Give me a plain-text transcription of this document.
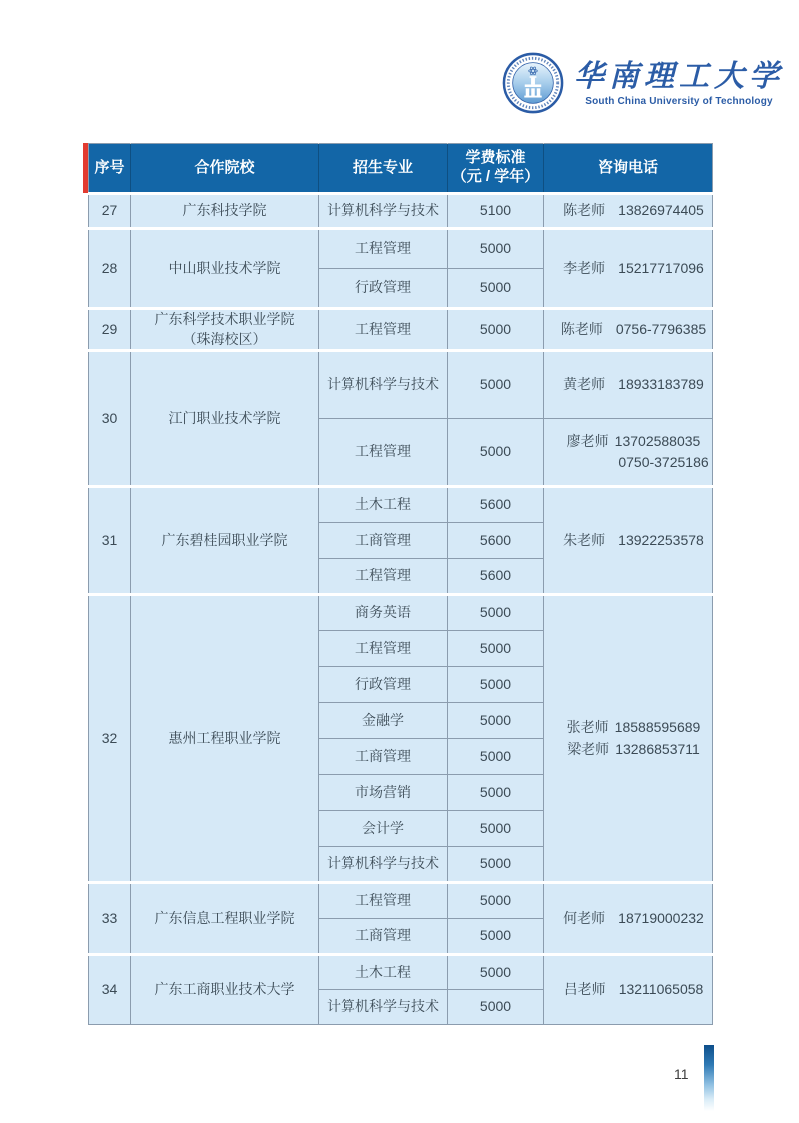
华南理工大学
South China University of Technology
序号	合作院校	招生专业	学费标准
（元 / 学年）	咨询电话
27	广东科技学院	计算机科学与技术	5100	陈老师 13826974405

28	中山职业技术学院	工程管理	5000	李老师 15217717096

		行政管理	5000	
29	广东科学技术职业学院
（珠海校区）	工程管理	5000	陈老师 0756-7796385

30	江门职业技术学院	计算机科学与技术	5000	黄老师 18933183789

		工程管理	5000	廖老师 13702588035
0750-3725186

31	广东碧桂园职业学院	土木工程	5600	朱老师 13922253578

		工商管理	5600	
		工程管理	5600	
32	惠州工程职业学院	商务英语	5000	张老师 18588595689
梁老师 13286853711

		工程管理	5000	
		行政管理	5000	
		金融学	5000	
		工商管理	5000	
		市场营销	5000	
		会计学	5000	
		计算机科学与技术	5000	
33	广东信息工程职业学院	工程管理	5000	何老师 18719000232

		工商管理	5000	
34	广东工商职业技术大学	土木工程	5000	吕老师 13211065058

		计算机科学与技术	5000	
11
